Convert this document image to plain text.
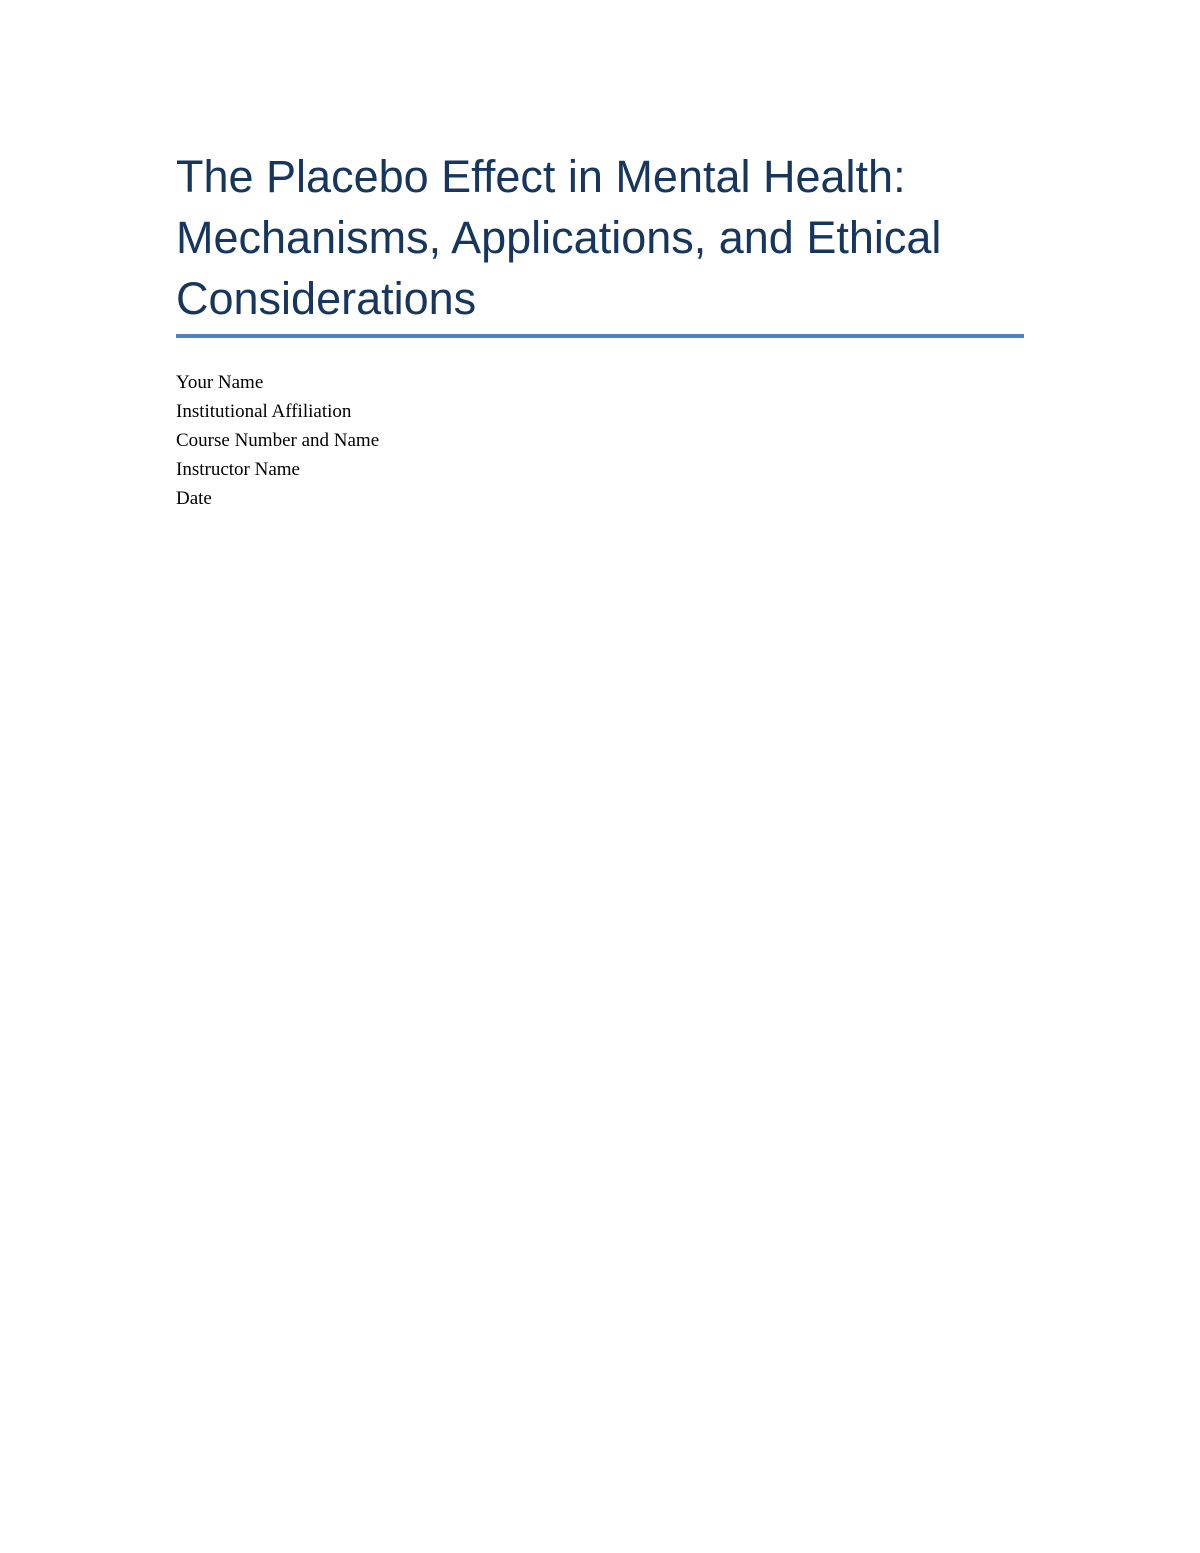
The Placebo Effect in Mental Health:
Mechanisms, Applications, and Ethical
Considerations
Your Name
Institutional Affiliation
Course Number and Name
Instructor Name
Date
